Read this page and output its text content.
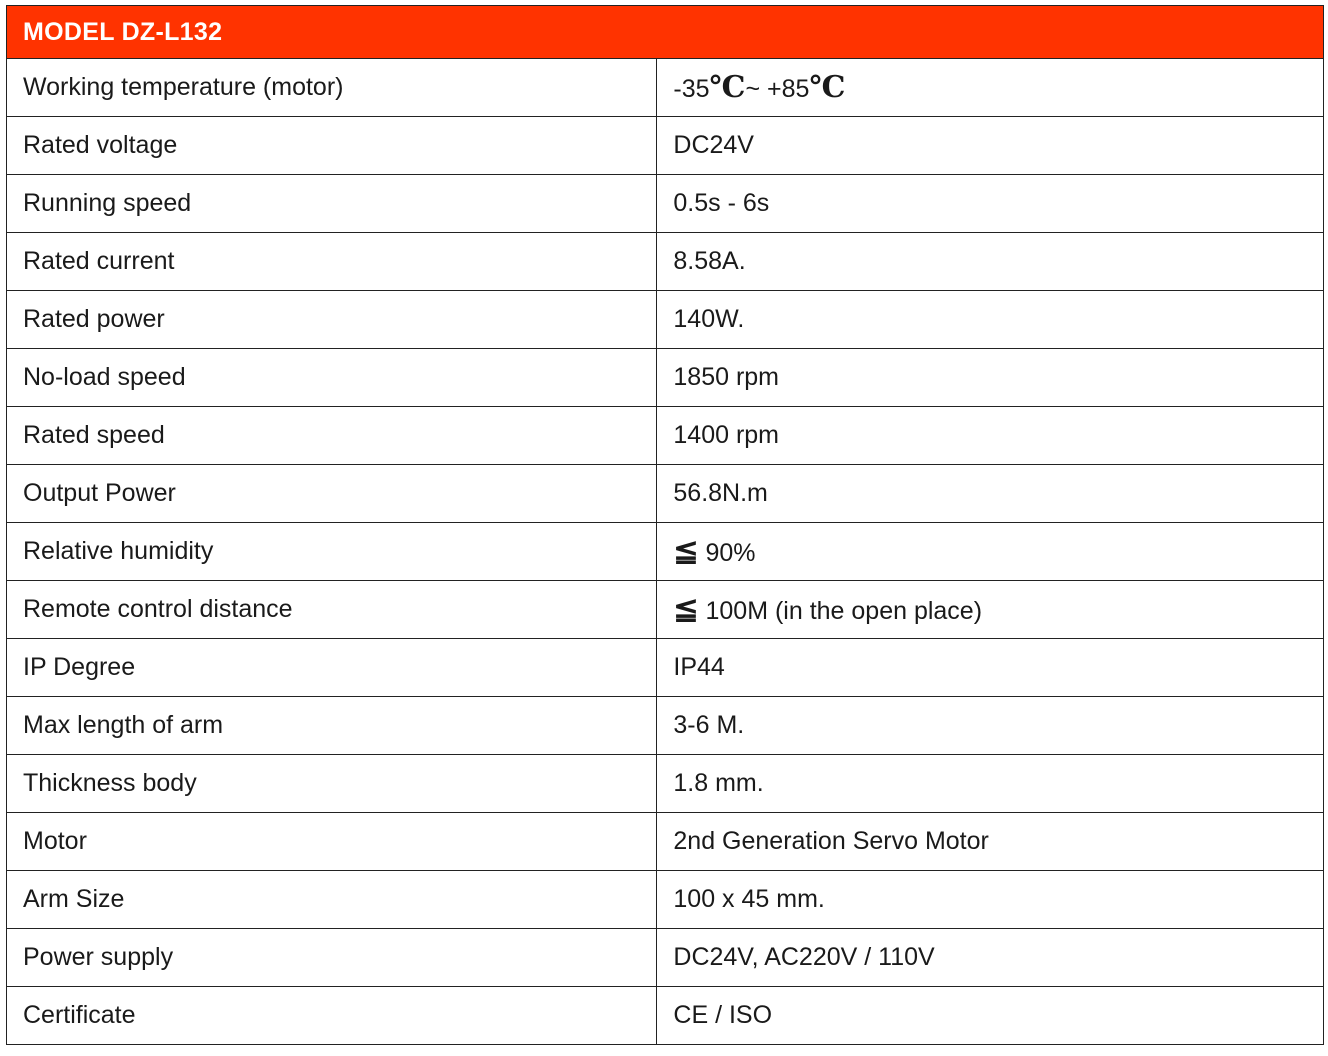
MODEL DZ-L132	
Working temperature (motor)	-35℃~ +85℃
Rated voltage	DC24V
Running speed	0.5s - 6s
Rated current	8.58A.
Rated power	140W.
No-load speed	1850 rpm
Rated speed	1400 rpm
Output Power	56.8N.m
Relative humidity	≦ 90%
Remote control distance	≦ 100M (in the open place)
IP Degree	IP44
Max length of arm	3-6 M.
Thickness body	1.8 mm.
Motor	2nd Generation Servo Motor
Arm Size	100 x 45 mm.
Power supply	DC24V, AC220V / 110V
Certificate	CE / ISO
